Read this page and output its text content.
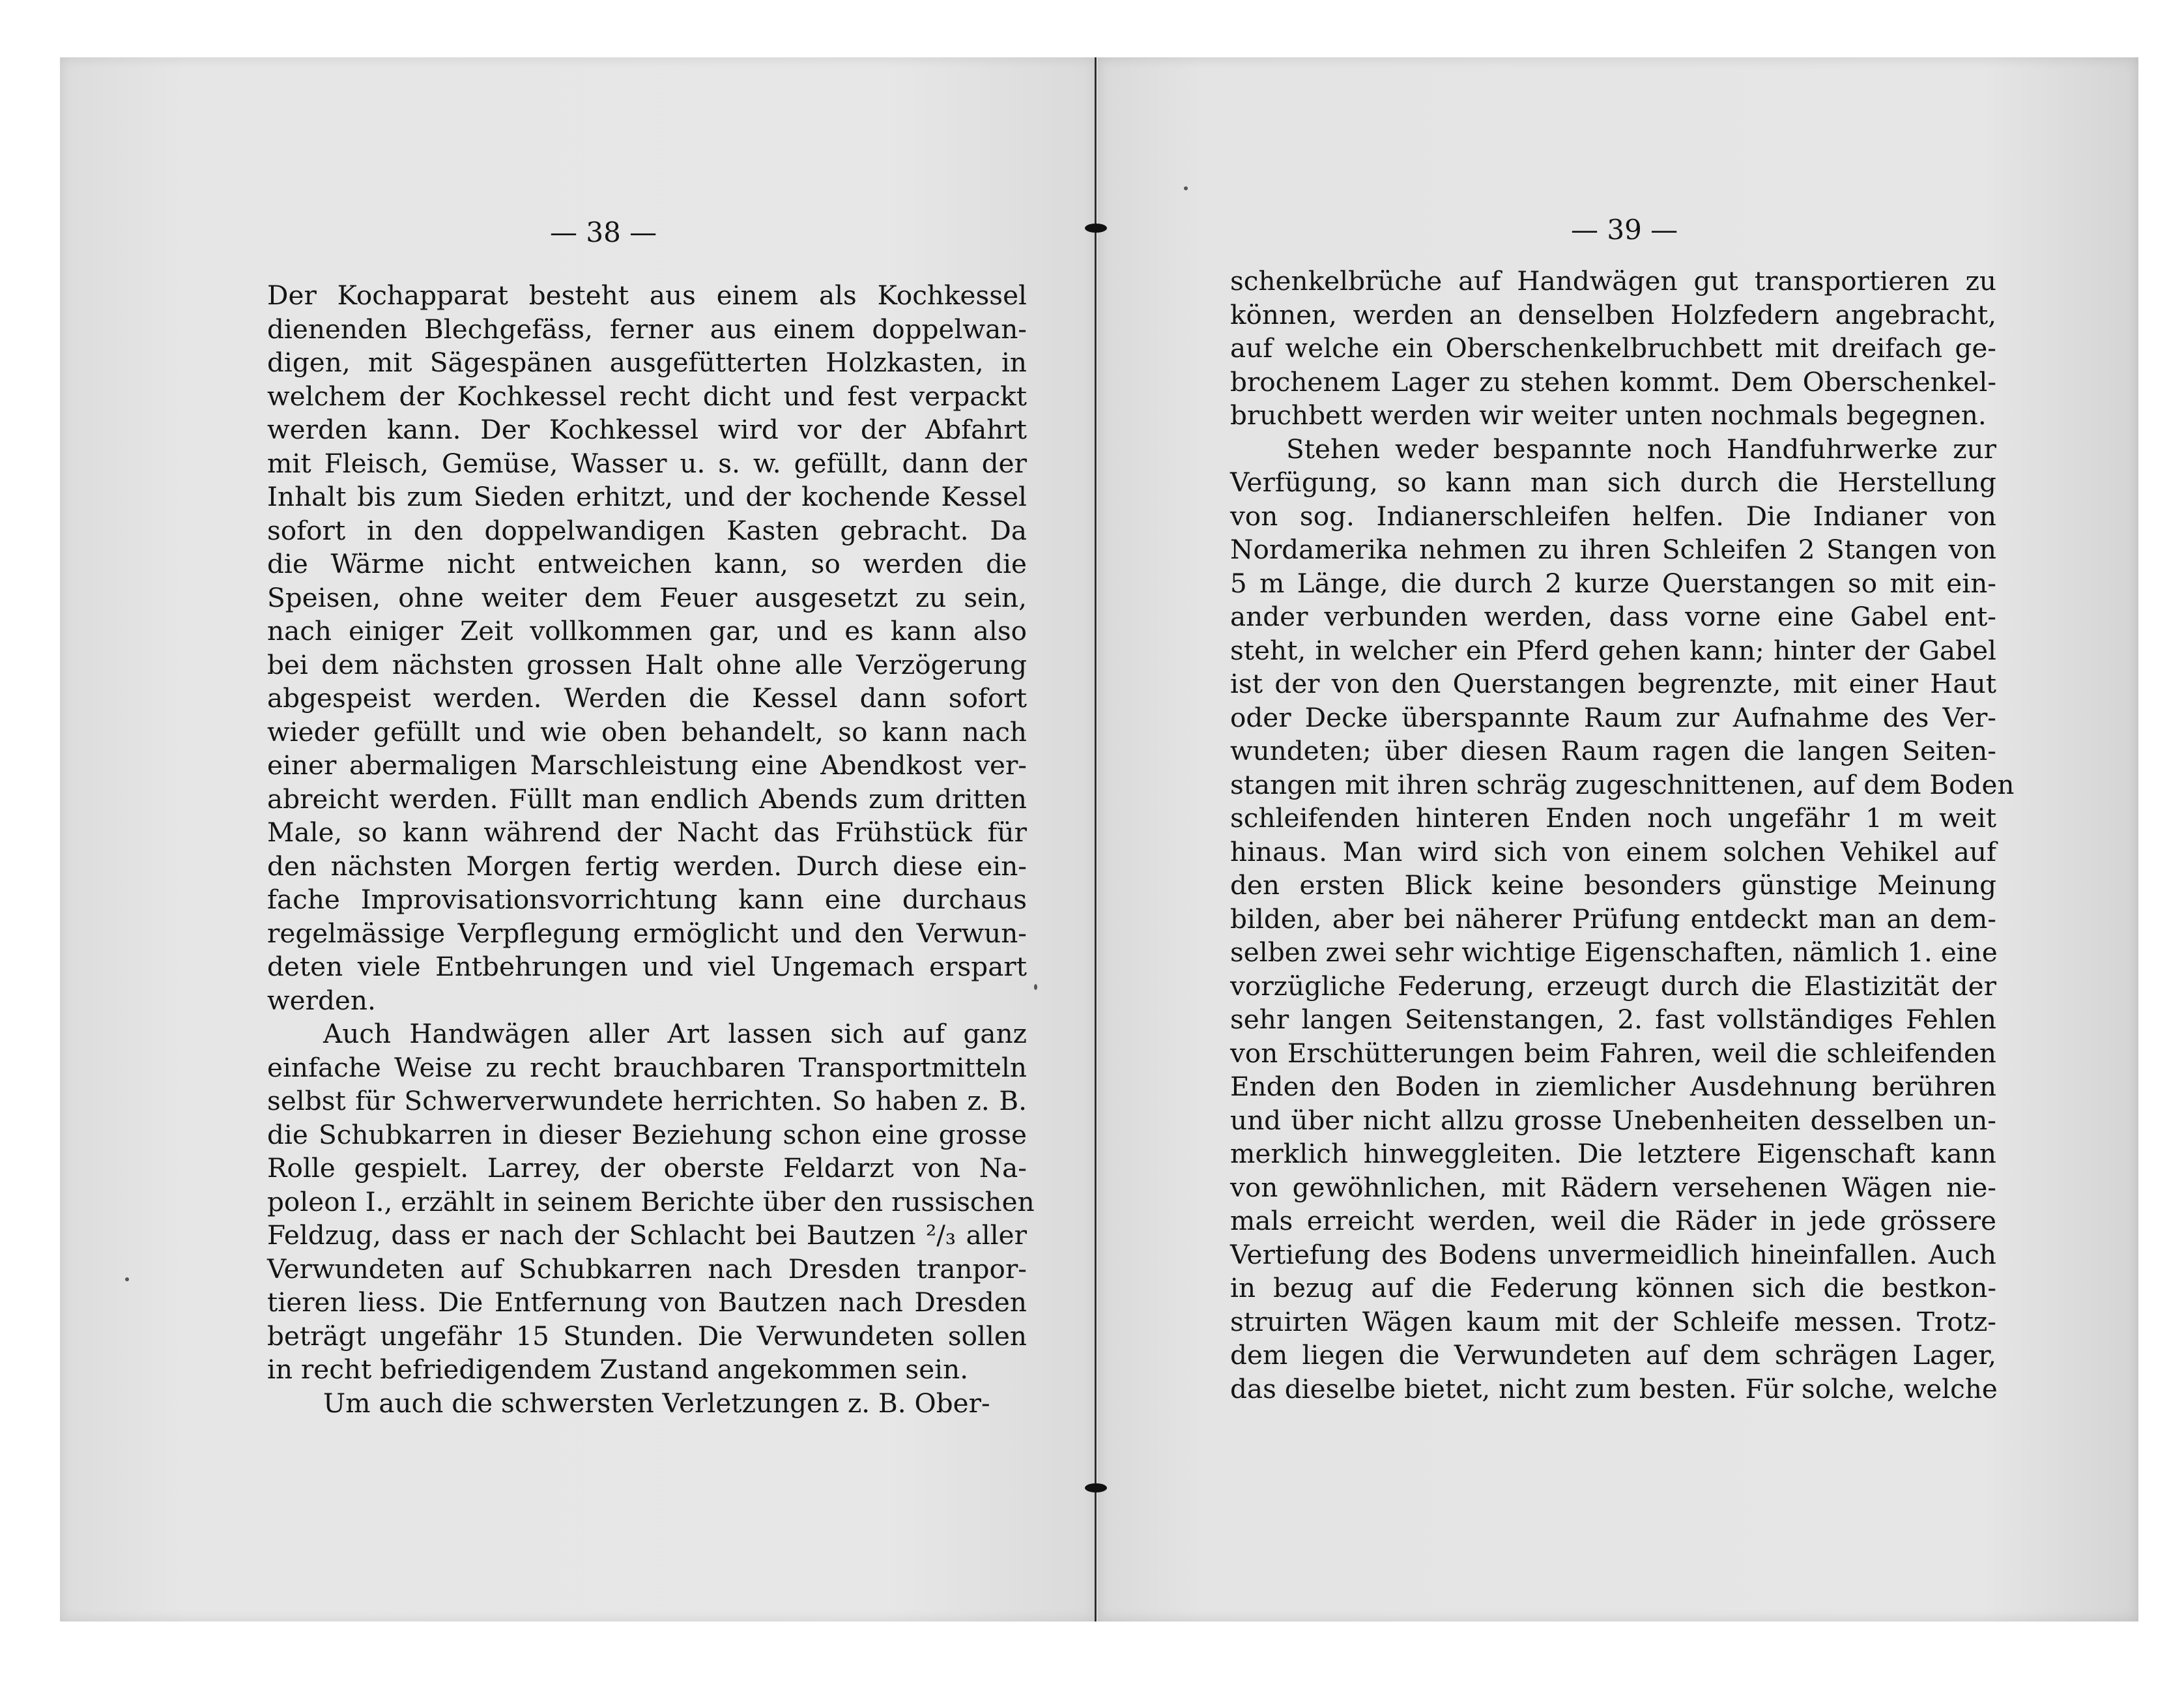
— 38 —
Der Kochapparat besteht aus einem als Kochkessel
dienenden Blechgefäss, ferner aus einem doppelwan-
digen, mit Sägespänen ausgefütterten Holzkasten, in
welchem der Kochkessel recht dicht und fest verpackt
werden kann. Der Kochkessel wird vor der Abfahrt
mit Fleisch, Gemüse, Wasser u. s. w. gefüllt, dann der
Inhalt bis zum Sieden erhitzt, und der kochende Kessel
sofort in den doppelwandigen Kasten gebracht. Da
die Wärme nicht entweichen kann, so werden die
Speisen, ohne weiter dem Feuer ausgesetzt zu sein,
nach einiger Zeit vollkommen gar, und es kann also
bei dem nächsten grossen Halt ohne alle Verzögerung
abgespeist werden. Werden die Kessel dann sofort
wieder gefüllt und wie oben behandelt, so kann nach
einer abermaligen Marschleistung eine Abendkost ver-
abreicht werden. Füllt man endlich Abends zum dritten
Male, so kann während der Nacht das Frühstück für
den nächsten Morgen fertig werden. Durch diese ein-
fache Improvisationsvorrichtung kann eine durchaus
regelmässige Verpflegung ermöglicht und den Verwun-
deten viele Entbehrungen und viel Ungemach erspart
werden.
Auch Handwägen aller Art lassen sich auf ganz
einfache Weise zu recht brauchbaren Transportmitteln
selbst für Schwerverwundete herrichten. So haben z. B.
die Schubkarren in dieser Beziehung schon eine grosse
Rolle gespielt. Larrey, der oberste Feldarzt von Na-
poleon I., erzählt in seinem Berichte über den russischen
Feldzug, dass er nach der Schlacht bei Bautzen ²/₃ aller
Verwundeten auf Schubkarren nach Dresden tranpor-
tieren liess. Die Entfernung von Bautzen nach Dresden
beträgt ungefähr 15 Stunden. Die Verwundeten sollen
in recht befriedigendem Zustand angekommen sein.
Um auch die schwersten Verletzungen z. B. Ober-
— 39 —
schenkelbrüche auf Handwägen gut transportieren zu
können, werden an denselben Holzfedern angebracht,
auf welche ein Oberschenkelbruchbett mit dreifach ge-
brochenem Lager zu stehen kommt. Dem Oberschenkel-
bruchbett werden wir weiter unten nochmals begegnen.
Stehen weder bespannte noch Handfuhrwerke zur
Verfügung, so kann man sich durch die Herstellung
von sog. Indianerschleifen helfen. Die Indianer von
Nordamerika nehmen zu ihren Schleifen 2 Stangen von
5 m Länge, die durch 2 kurze Querstangen so mit ein-
ander verbunden werden, dass vorne eine Gabel ent-
steht, in welcher ein Pferd gehen kann; hinter der Gabel
ist der von den Querstangen begrenzte, mit einer Haut
oder Decke überspannte Raum zur Aufnahme des Ver-
wundeten; über diesen Raum ragen die langen Seiten-
stangen mit ihren schräg zugeschnittenen, auf dem Boden
schleifenden hinteren Enden noch ungefähr 1 m weit
hinaus. Man wird sich von einem solchen Vehikel auf
den ersten Blick keine besonders günstige Meinung
bilden, aber bei näherer Prüfung entdeckt man an dem-
selben zwei sehr wichtige Eigenschaften, nämlich 1. eine
vorzügliche Federung, erzeugt durch die Elastizität der
sehr langen Seitenstangen, 2. fast vollständiges Fehlen
von Erschütterungen beim Fahren, weil die schleifenden
Enden den Boden in ziemlicher Ausdehnung berühren
und über nicht allzu grosse Unebenheiten desselben un-
merklich hinweggleiten. Die letztere Eigenschaft kann
von gewöhnlichen, mit Rädern versehenen Wägen nie-
mals erreicht werden, weil die Räder in jede grössere
Vertiefung des Bodens unvermeidlich hineinfallen. Auch
in bezug auf die Federung können sich die bestkon-
struirten Wägen kaum mit der Schleife messen. Trotz-
dem liegen die Verwundeten auf dem schrägen Lager,
das dieselbe bietet, nicht zum besten. Für solche, welche
